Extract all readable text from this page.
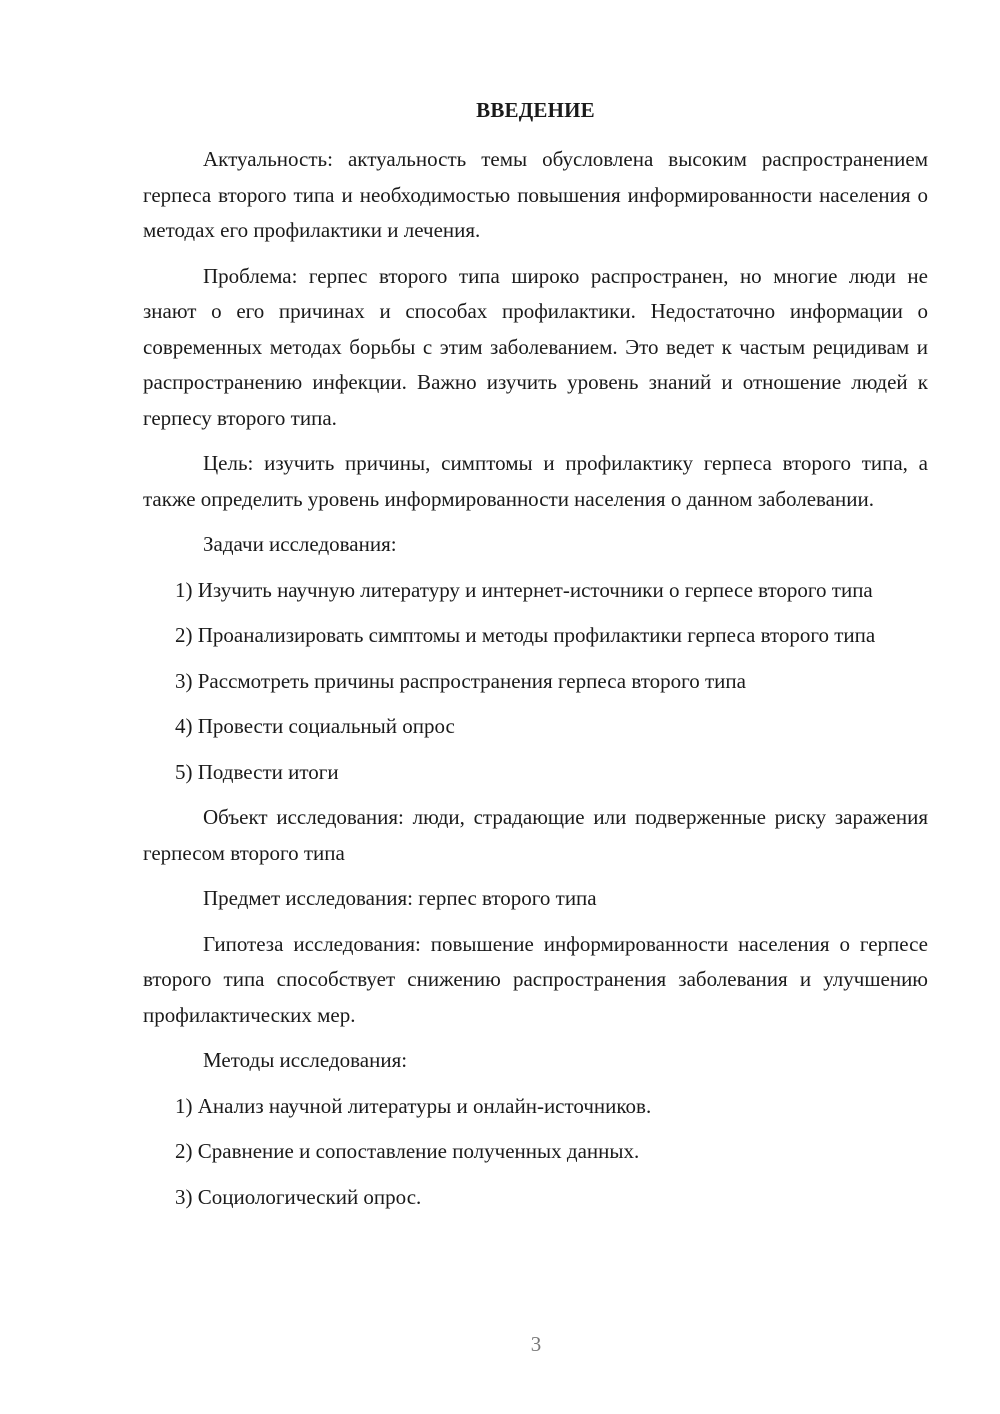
ВВЕДЕНИЕ

Актуальность: актуальность темы обусловлена высоким распространением герпеса второго типа и необходимостью повышения информированности населения о методах его профилактики и лечения.

Проблема: герпес второго типа широко распространен, но многие люди не знают о его причинах и способах профилактики. Недостаточно информации о современных методах борьбы с этим заболеванием. Это ведет к частым рецидивам и распространению инфекции. Важно изучить уровень знаний и отношение людей к герпесу второго типа.

Цель: изучить причины, симптомы и профилактику герпеса второго типа, а также определить уровень информированности населения о данном заболевании.

Задачи исследования:

1) Изучить научную литературу и интернет-источники о герпесе второго типа

2) Проанализировать симптомы и методы профилактики герпеса второго типа

3) Рассмотреть причины распространения герпеса второго типа

4) Провести социальный опрос

5) Подвести итоги

Объект исследования: люди, страдающие или подверженные риску заражения герпесом второго типа

Предмет исследования: герпес второго типа

Гипотеза исследования: повышение информированности населения о герпесе второго типа способствует снижению распространения заболевания и улучшению профилактических мер.

Методы исследования:

1) Анализ научной литературы и онлайн-источников.

2) Сравнение и сопоставление полученных данных.

3) Социологический опрос.

3
